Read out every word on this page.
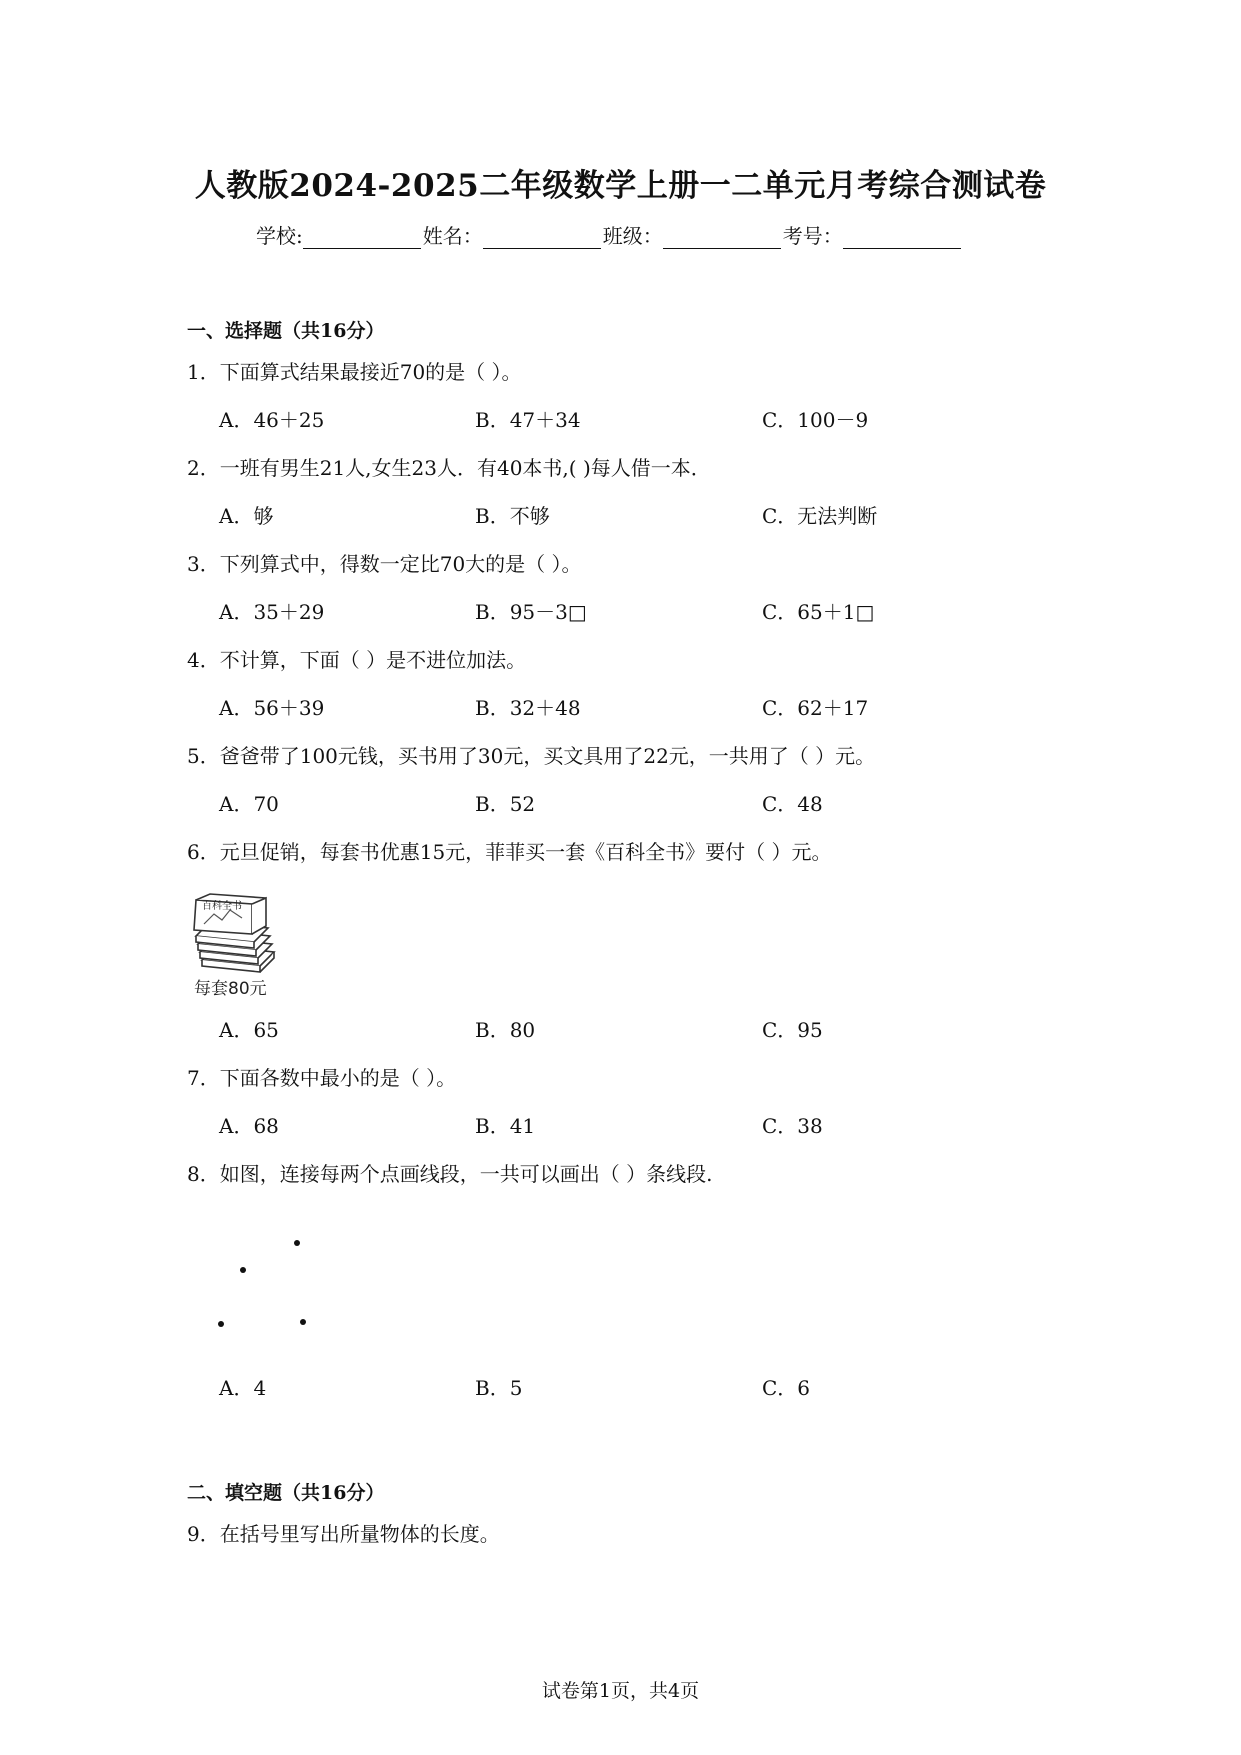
人教版2024-2025二年级数学上册一二单元月考综合测试卷
学校:	姓名：	班级：	考号：
一、选择题（共16分）
1．下面算式结果最接近70的是（ ）。
A．46＋25	B．47＋34	C．100－9
2．一班有男生21人,女生23人．有40本书,( )每人借一本．
A．够	B．不够	C．无法判断
3．下列算式中，得数一定比70大的是（ ）。
A．35＋29	B．95－3□	C．65＋1□
4．不计算，下面（ ）是不进位加法。
A．56＋39	B．32＋48	C．62＋17
5．爸爸带了100元钱，买书用了30元，买文具用了22元，一共用了（ ）元。
A．70	B．52	C．48
6．元旦促销，每套书优惠15元，菲菲买一套《百科全书》要付（ ）元。
百科全书
每套80元
A．65	B．80	C．95
7．下面各数中最小的是（ ）。
A．68	B．41	C．38
8．如图，连接每两个点画线段，一共可以画出（ ）条线段.
A．4	B．5	C．6
二、填空题（共16分）
9．在括号里写出所量物体的长度。
试卷第1页，共4页
